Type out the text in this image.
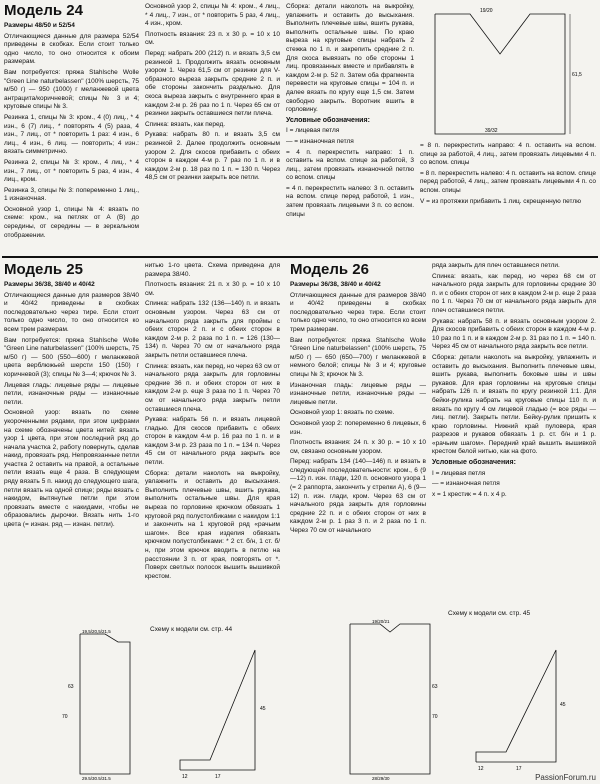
Модель 24

Размеры 48/50 и 52/54

Отличающиеся данные для размера 52/54 приведены в скобках. Если стоит только одно число, то оно относится к обоим размерам.

Вам потребуется: пряжа Stahlsche Wolle "Green Line naturbelassen" (100% шерсть, 75 м/50 г) — 950 (1000) г меланжевой цвета антрацита/коричневой; спицы № 3 и 4; круговые спицы № 3.

Резинка 1, спицы № 3: кром., 4 (0) лиц., * 4 изн., 6 (7) лиц., * повторять 4 (5) раза, 4 изн., 7 лиц., от * повторить 1 раз: 4 изн., 6 лиц., 4 изн., 6 лиц. — повторить; 4 изн.: вязать симметрично.

Резинка 2, спицы № 3: кром., 4 лиц., * 4 изн., 7 лиц., от * повторить 5 раз, 4 изн., 4 лиц., кром.

Резинка 3, спицы № 3: попеременно 1 лиц., 1 изнаночная.

Основной узор 1, спицы № 4: вязать по схеме: кром., на петлях от А (В) до середины, от середины — в зеркальном отображении.

Основной узор 2, спицы № 4: кром., 4 лиц., * 4 лиц., 7 изн., от * повторить 5 раз, 4 лиц., 4 изн., кром.

Плотность вязания: 23 п. x 30 р. = 10 x 10 см.

Перед: набрать 200 (212) п. и вязать 3,5 см резинкой 1. Продолжить вязать основным узором 1. Через 61,5 см от резинки для V-образного выреза закрыть средние 2 п. и обе стороны закончить раздельно. Для скоса выреза закрыть с внутреннего края в каждом 2-м р. 26 раз по 1 п. Через 65 см от резинки закрыть оставшиеся петли плеча.

Спинка: вязать, как перед.

Рукава: набрать 80 п. и вязать 3,5 см резинкой 2. Далее продолжить основным узором 2. Для скосов прибавить с обеих сторон в каждом 4-м р. 7 раз по 1 п. и в каждом 2-м р. 18 раз по 1 п. = 130 п. Через 48,5 см от резинки закрыть все петли.

Сборка: детали наколоть на выкройку, увлажнить и оставить до высыхания. Выполнить плечевые швы, вшить рукава, выполнить остальные швы. По краю выреза на круговые спицы набрать 2 стежка по 1 п. и закрепить средние 2 п. Для скоса вывязать по обе стороны 1 лиц. провязанных вместе и прибавлять в каждом 2-м р. 52 п. Затем оба фрагмента перевести на круговые спицы = 104 п. и далее вязать по кругу еще 1,5 см. Затем свободно закрыть. Воротник вшить в горловину.

Условные обозначения:

I = лицевая петля

— = изнаночная петля

= 4 п. перекрестить направо: 1 п. оставить на вспом. спице за работой, 3 лиц., затем провязать изнаночной петлю со вспом. спицы

= 4 п. перекрестить налево: 3 п. оставить на вспом. спице перед работой, 1 изн., затем провязать лицевыми 3 п. со вспом. спицы

= 8 п. перекрестить направо: 4 п. оставить на вспом. спице за работой, 4 лиц., затем провязать лицевыми 4 п. со вспом. спицы

= 8 п. перекрестить налево: 4 п. оставить на вспом. спице перед работой, 4 лиц., затем провязать лицевыми 4 п. со вспом. спицы

V = из протяжки прибавить 1 лиц. скрещенную петлю

19/20
61,5
39/32
Модель 25

Размеры 36/38, 38/40 и 40/42

Отличающиеся данные для размеров 38/40 и 40/42 приведены в скобках последовательно через тире. Если стоит только одно число, то оно относится ко всем трем размерам.

Вам потребуется: пряжа Stahlsche Wolle "Green Line naturbelassen" (100% шерсть, 75 м/50 г) — 500 (550—600) г меланжевой цвета верблюжьей шерсти 150 (150) г коричневой (3); спицы № 3—4; крючок № 3.

Лицевая гладь: лицевые ряды — лицевые петли, изнаночные ряды — изнаночные петли.

Основной узор: вязать по схеме укороченными рядами, при этом цифрами на схеме обозначены цвета нитей: вязать узор 1 цвета, при этом последний ряд до начала участка 2, работу повернуть, сделав накид, провязать ряд. Непровязанные петли участка 2 оставить на правой, а остальные петли вязать еще 4 раза. В следующем ряду вязать 5 п. накид до следующего шага, петли вязать на одной спице; ряды вязать с накидом, вытянутые петли при этом провязать вместе с накидами, чтобы не образовались дырочки. Вязать нить 1-го цвета (= изнан. ряд — изнан. петли).

нитью 1-го цвета. Схема приведена для размера 38/40.

Плотность вязания: 21 п. x 30 р. = 10 x 10 см.

Спинка: набрать 132 (136—140) п. и вязать основным узором. Через 63 см от начального ряда закрыть для проймы с обеих сторон 2 п. и с обеих сторон в каждом 2-м р. 2 раза по 1 п. = 126 (130—134) п. Через 70 см от начального ряда закрыть петли оставшиеся плеча.

Спинка: вязать, как перед, но через 63 см от начального ряда закрыть для горловины средние 36 п. и обеих сторон от них в каждом 2-м р. еще 3 раза по 1 п. Через 70 см от начального ряда закрыть петли оставшиеся плеча.

Рукава: набрать 56 п. и вязать лицевой гладью. Для скосов прибавить с обеих сторон в каждом 4-м р. 16 раз по 1 п. и в каждом 3-м р. 23 раза по 1 п. = 134 п. Через 45 см от начального ряда закрыть все петли.

Сборка: детали наколоть на выкройку, увлажнить и оставить до высыхания. Выполнить плечевые швы, вшить рукава, выполнить остальные швы. Для края выреза по горловине крючком обвязать 1 круговой ряд полустолбиками с накидом 1:1 и закончить на 1 круговой ряд «рачьим шагом». Все края изделия обвязать крючком полустолбиками: * 2 ст. б/н, 1 ст. б/н, при этом крючок вводить в петлю на расстоянии 3 п. от края, повторять от *. Поверх светлых полосок вышить вышивкой крестом.

Схему к модели см. стр. 44
19,5/20,5/21,5
63
70
29,5/30,5/31,5
45
17
12
Модель 26

Размеры 36/38, 38/40 и 40/42

Отличающиеся данные для размеров 38/40 и 40/42 приведены в скобках последовательно через тире. Если стоит только одно число, то оно относится ко всем трем размерам.

Вам потребуется: пряжа Stahlsche Wolle "Green Line naturbelassen" (100% шерсть, 75 м/50 г) — 650 (650—700) г меланжевой в немного белой; спицы № 3 и 4; круговые спицы № 3; крючок № 3.

Изнаночная гладь: лицевые ряды — изнаночные петли, изнаночные ряды — лицевые петли.

Основной узор 1: вязать по схеме.

Основной узор 2: попеременно 6 лицевых, 6 изн.

Плотность вязания: 24 п. x 30 р. = 10 x 10 см, связано основным узором.

Перед: набрать 134 (140—146) п. и вязать в следующей последовательности: кром., 6 (9—12) п. изн. глади, 120 п. основного узора 1 (= 2 раппорта, закончить у стрелки А), 6 (9—12) п. изн. глади, кром. Через 63 см от начального ряда закрыть для горловины средние 22 п. и с обеих сторон от них в каждом 2-м р. 1 раз 3 п. и 2 раза по 1 п. Через 70 см от начального

ряда закрыть для плеч оставшиеся петли.

Спинка: вязать, как перед, но через 68 см от начального ряда закрыть для горловины средние 30 п. и с обеих сторон от них в каждом 2-м р. еще 2 раза по 1 п. Через 70 см от начального ряда закрыть для плеч оставшиеся петли.

Рукава: набрать 58 п. и вязать основным узором 2. Для скосов прибавить с обеих сторон в каждом 4-м р. 10 раз по 1 п. и в каждом 2-м р. 31 раз по 1 п. = 140 п. Через 45 см от начального ряда закрыть все петли.

Сборка: детали наколоть на выкройку, увлажнить и оставить до высыхания. Выполнить плечевые швы, вшить рукава, выполнить боковые швы и швы рукавов. Для края горловины на круговые спицы набрать 126 п. и вязать по кругу резинкой 1:1. Для бейки-рулика набрать на круговые спицы 110 п. и вязать по кругу 4 см лицевой гладью (= все ряды — лиц. петли). Закрыть петли. Бейку-рулик пришить к краю горловины. Нижний край пуловера, края разрезов и рукавов обвязать 1 р. ст. б/н и 1 р. «рачьим шагом». Передний край вышить вышивкой крестом белой нитью, как на фото.

Условные обозначения:

I = лицевая петля

— = изнаночная петля

x = 1 крестик = 4 п. x 4 р.

Схему к модели см. стр. 45
19/20/21
63
70
28/29/30
45
17
12
PassionForum.ru
